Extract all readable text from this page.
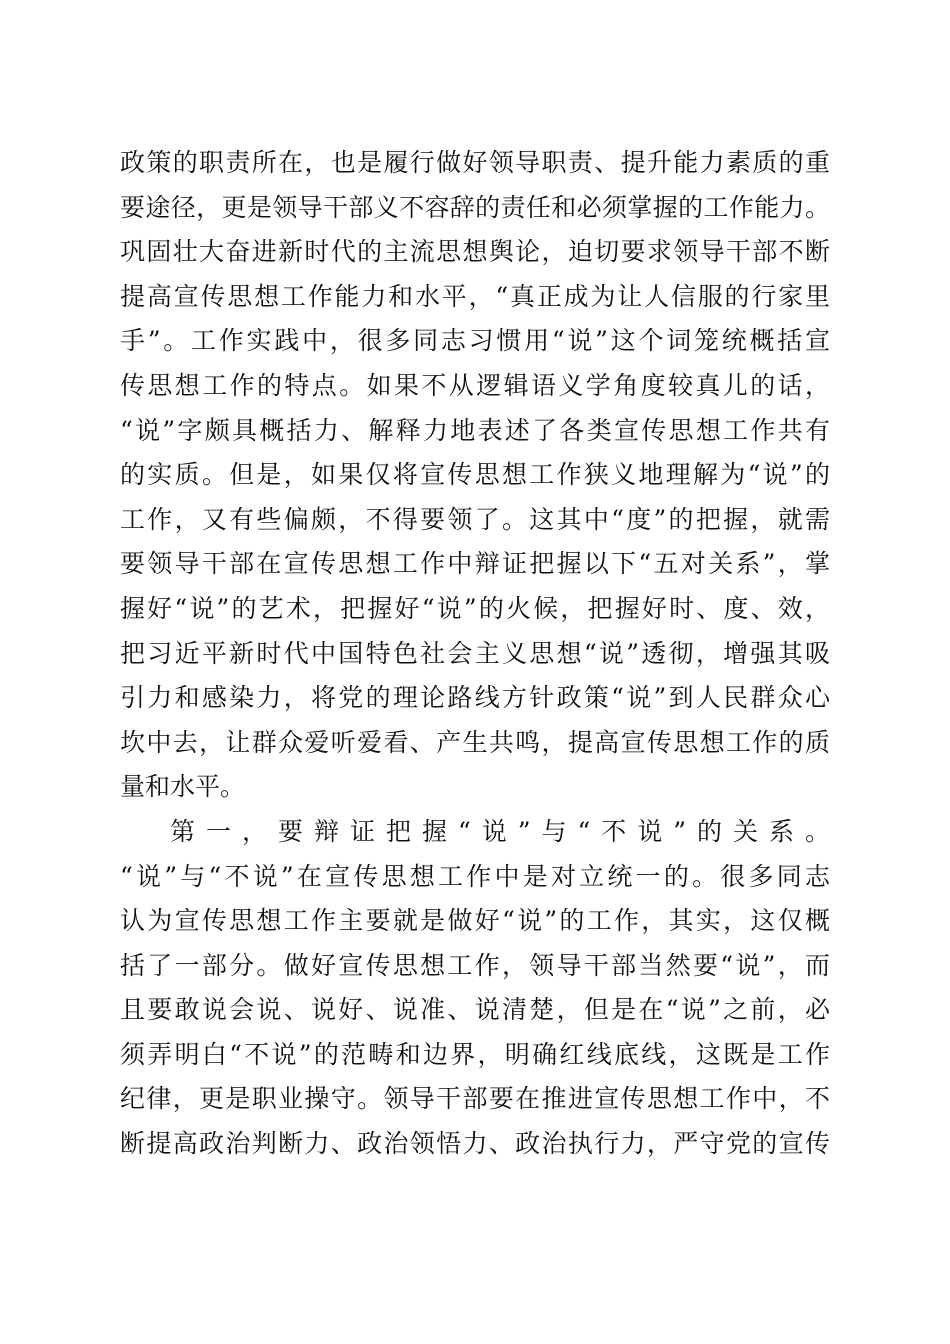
政策的职责所在，也是履行做好领导职责、提升能力素质的重
要途径，更是领导干部义不容辞的责任和必须掌握的工作能力。
巩固壮大奋进新时代的主流思想舆论，迫切要求领导干部不断
提高宣传思想工作能力和水平，“真正成为让人信服的行家里
手”。工作实践中，很多同志习惯用“说”这个词笼统概括宣
传思想工作的特点。如果不从逻辑语义学角度较真儿的话，
“说”字颇具概括力、解释力地表述了各类宣传思想工作共有
的实质。但是，如果仅将宣传思想工作狭义地理解为“说”的
工作，又有些偏颇，不得要领了。这其中“度”的把握，就需
要领导干部在宣传思想工作中辩证把握以下“五对关系”，掌
握好“说”的艺术，把握好“说”的火候，把握好时、度、效，
把习近平新时代中国特色社会主义思想“说”透彻，增强其吸
引力和感染力，将党的理论路线方针政策“说”到人民群众心
坎中去，让群众爱听爱看、产生共鸣，提高宣传思想工作的质
量和水平。
第一，要辩证把握“说”与“不说”的关系。
“说”与“不说”在宣传思想工作中是对立统一的。很多同志
认为宣传思想工作主要就是做好“说”的工作，其实，这仅概
括了一部分。做好宣传思想工作，领导干部当然要“说”，而
且要敢说会说、说好、说准、说清楚，但是在“说”之前，必
须弄明白“不说”的范畴和边界，明确红线底线，这既是工作
纪律，更是职业操守。领导干部要在推进宣传思想工作中，不
断提高政治判断力、政治领悟力、政治执行力，严守党的宣传
